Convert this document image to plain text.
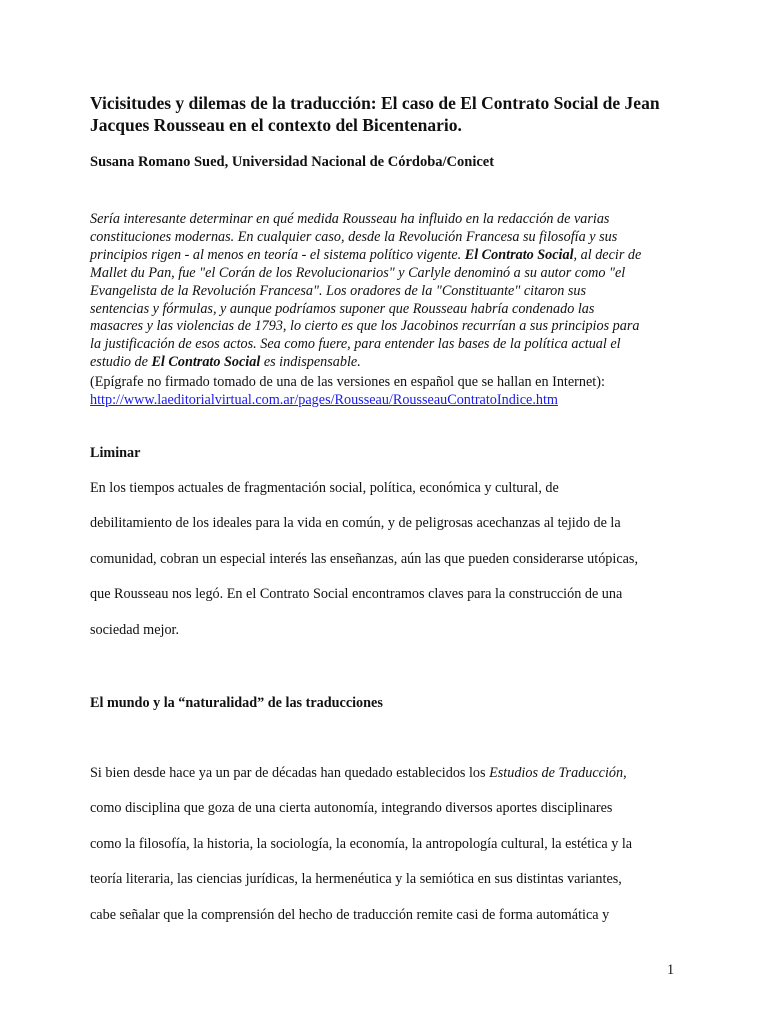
Vicisitudes y dilemas de la traducción: El caso de El Contrato Social de Jean Jacques Rousseau en el contexto del Bicentenario.

Susana Romano Sued, Universidad Nacional de Córdoba/Conicet

Sería interesante determinar en qué medida Rousseau ha influido en la redacción de varias
constituciones modernas. En cualquier caso, desde la Revolución Francesa su filosofía y sus
principios rigen - al menos en teoría - el sistema político vigente. El Contrato Social, al decir de
Mallet du Pan, fue "el Corán de los Revolucionarios" y Carlyle denominó a su autor como "el
Evangelista de la Revolución Francesa". Los oradores de la "Constituante" citaron sus
sentencias y fórmulas, y aunque podríamos suponer que Rousseau habría condenado las
masacres y las violencias de 1793, lo cierto es que los Jacobinos recurrían a sus principios para
la justificación de esos actos. Sea como fuere, para entender las bases de la política actual el
estudio de El Contrato Social es indispensable.

(Epígrafe no firmado tomado de una de las versiones en español que se hallan en Internet):
http://www.laeditorialvirtual.com.ar/pages/Rousseau/RousseauContratoIndice.htm

Liminar

En los tiempos actuales de fragmentación social, política, económica y cultural, de
debilitamiento de los ideales para la vida en común, y de peligrosas acechanzas al tejido de la
comunidad, cobran un especial interés las enseñanzas, aún las que pueden considerarse utópicas,
que Rousseau nos legó. En el Contrato Social encontramos claves para la construcción de una
sociedad mejor.

El mundo y la “naturalidad” de las traducciones

Si bien desde hace ya un par de décadas han quedado establecidos los Estudios de Traducción,
como disciplina que goza de una cierta autonomía, integrando diversos aportes disciplinares
como la filosofía, la historia, la sociología, la economía, la antropología cultural, la estética y la
teoría literaria, las ciencias jurídicas, la hermenéutica y la semiótica en sus distintas variantes,
cabe señalar que la comprensión del hecho de traducción remite casi de forma automática y

1
